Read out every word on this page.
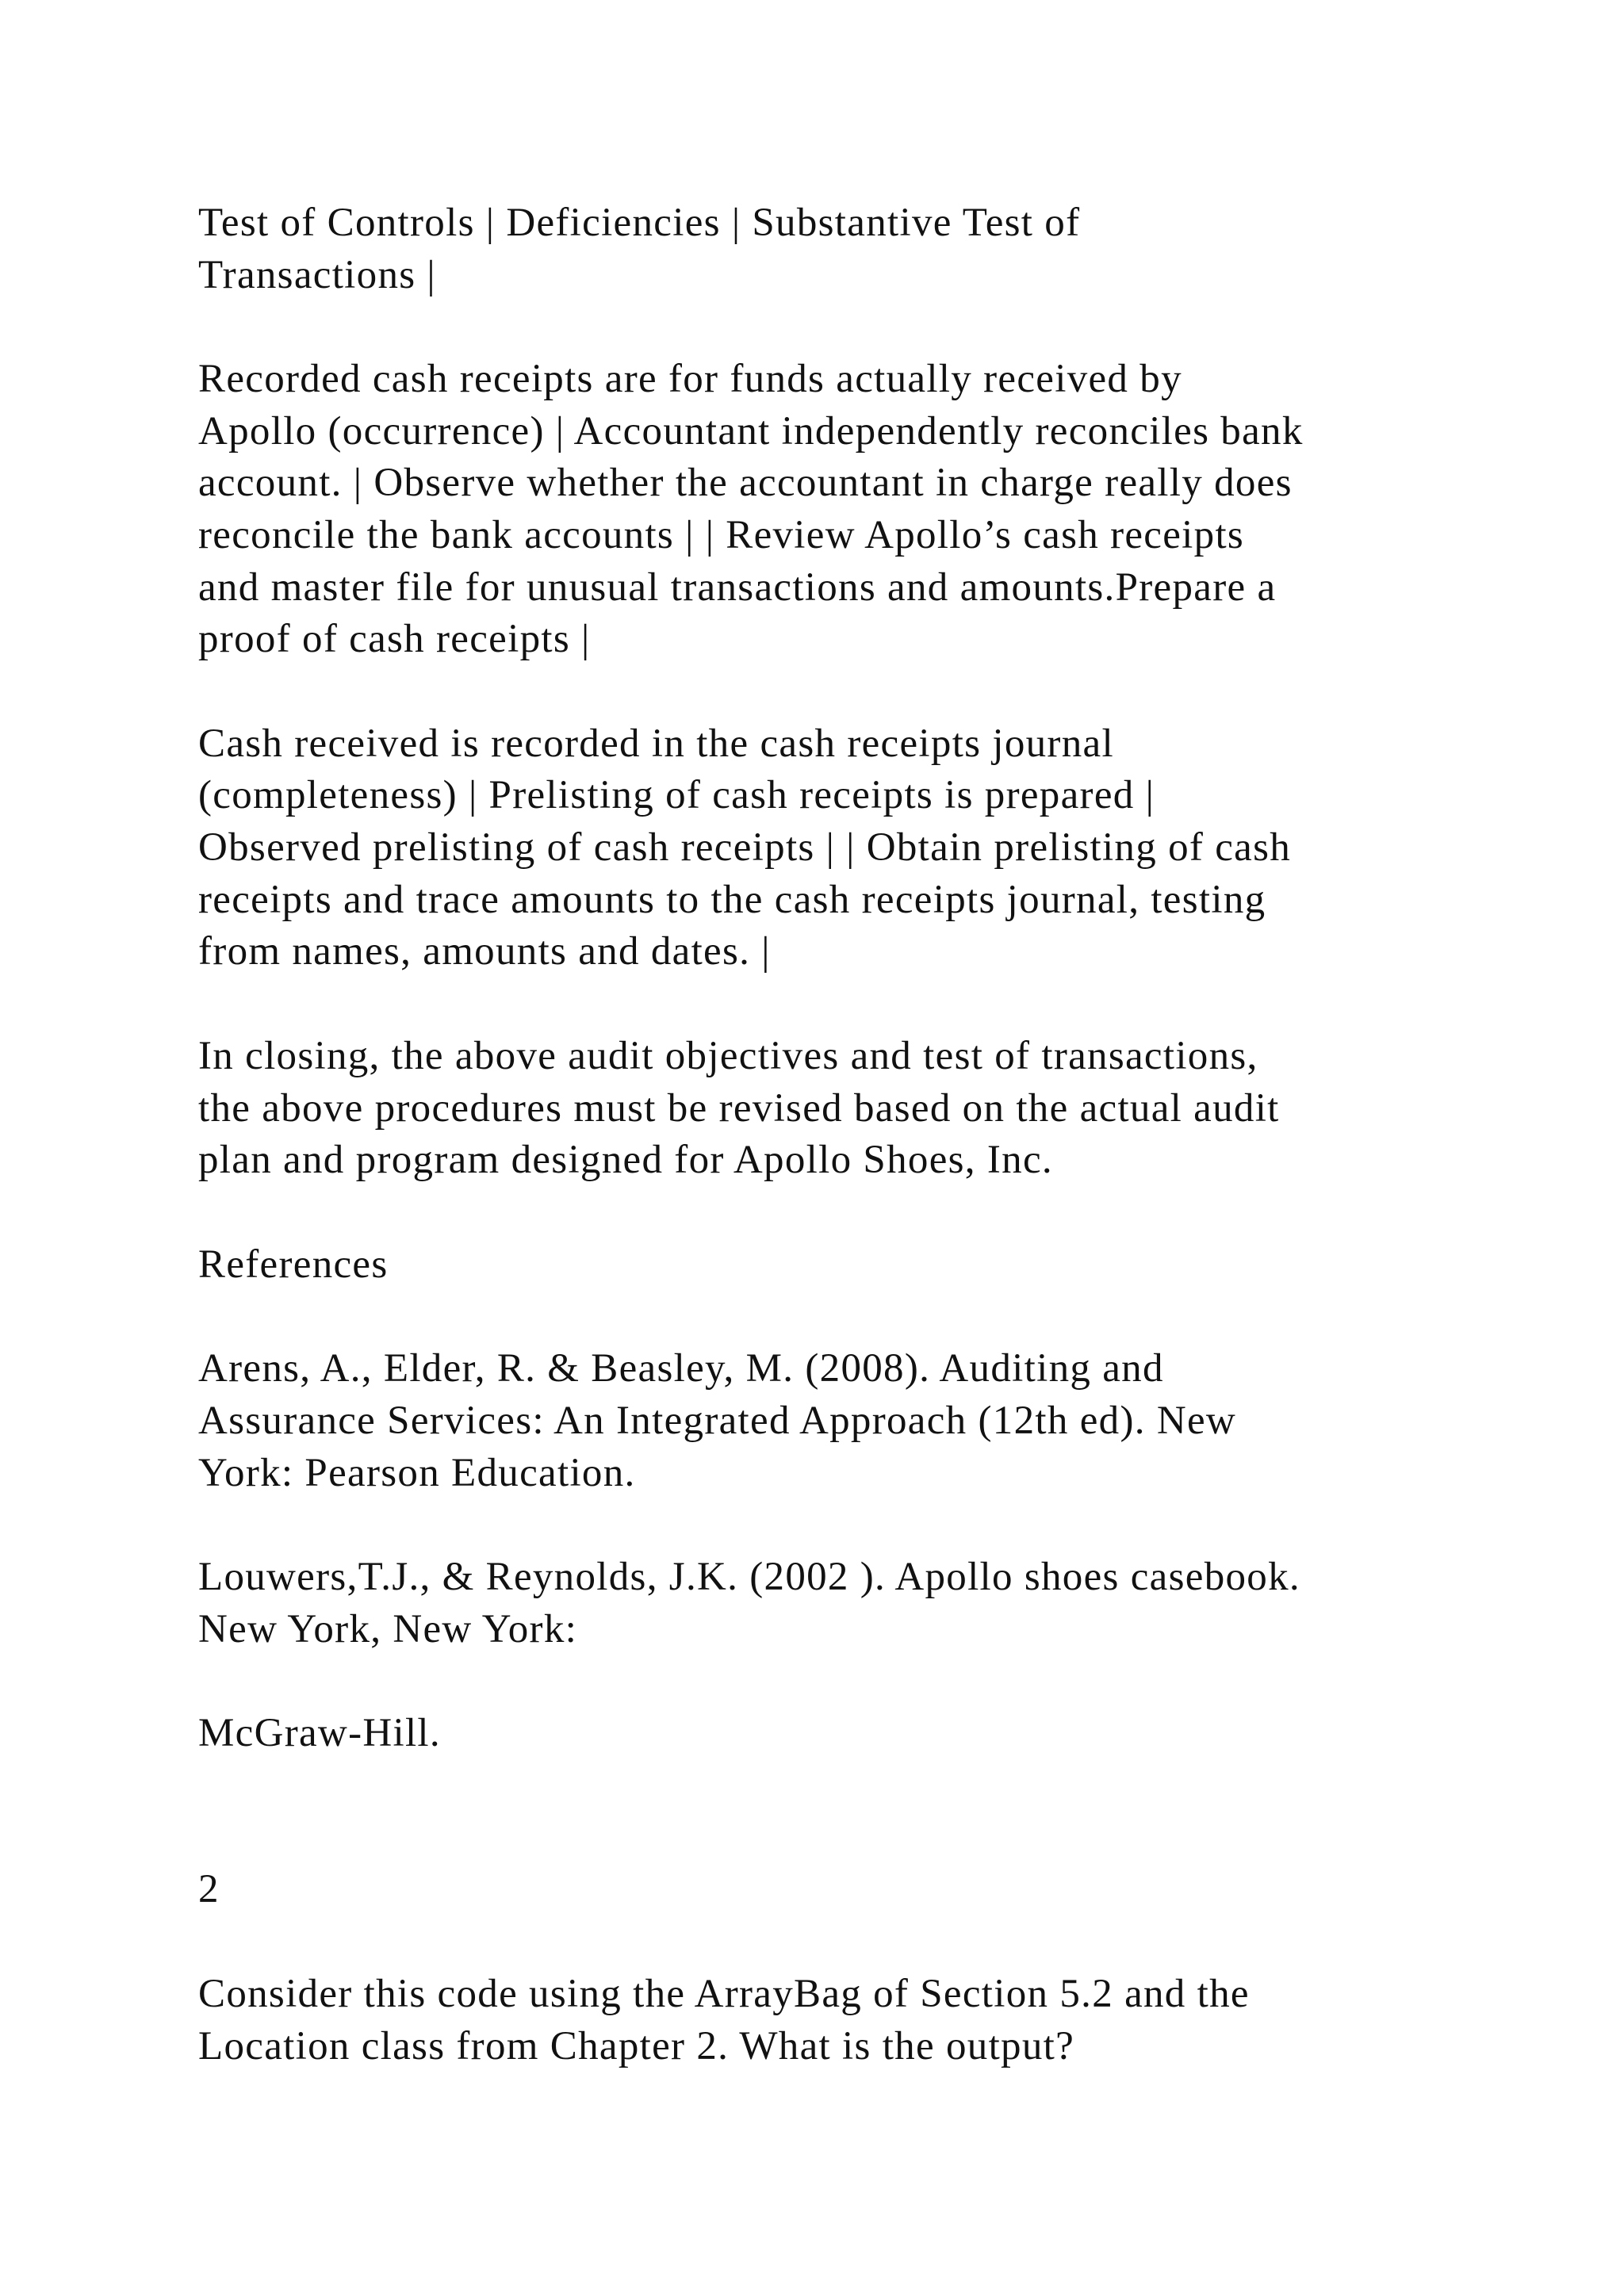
Test of Controls | Deficiencies | Substantive Test of

Transactions |

Recorded cash receipts are for funds actually received by

Apollo (occurrence) | Accountant independently reconciles bank

account. | Observe whether the accountant in charge really does

reconcile the bank accounts | | Review Apollo’s cash receipts

and master file for unusual transactions and amounts.Prepare a

proof of cash receipts |

Cash received is recorded in the cash receipts journal

(completeness) | Prelisting of cash receipts is prepared |

Observed prelisting of cash receipts | | Obtain prelisting of cash

receipts and trace amounts to the cash receipts journal, testing

from names, amounts and dates. |

In closing, the above audit objectives and test of transactions,

the above procedures must be revised based on the actual audit

plan and program designed for Apollo Shoes, Inc.

References

Arens, A., Elder, R. & Beasley, M. (2008). Auditing and

Assurance Services: An Integrated Approach (12th ed). New

York: Pearson Education.

Louwers,T.J., & Reynolds, J.K. (2002 ). Apollo shoes casebook.

New York, New York:

McGraw-Hill.

2

Consider this code using the ArrayBag of Section 5.2 and the

Location class from Chapter 2. What is the output?
